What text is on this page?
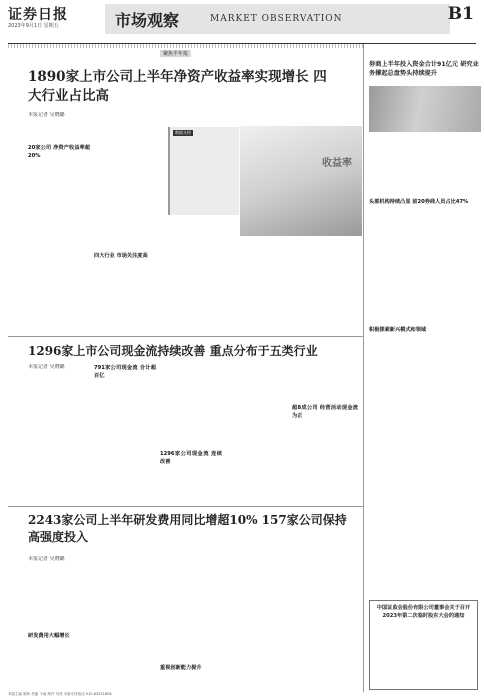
证券日报
2023年9月1日 星期五	市场观察	MARKET OBSERVATION	B1
聚焦半年报
1890家上市公司上半年净资产收益率实现增长 四大行业占比高
本报记者 吴晓璐
20家公司 净资产收益率超20%
四大行业 市场关注度高
数据支持
收益率
1296家上市公司现金流持续改善 重点分布于五类行业
本报记者 吴晓璐	791家公司现金流 合计超百亿
1296家公司现金流 连续改善
超8成公司 经营活动现金流为正
2243家公司上半年研发费用同比增超10% 157家公司保持高强度投入
本报记者 吴晓璐
研发费用大幅增长
重视创新能力提升
券商上半年投入资金合计91亿元 研究业务撑起总盘势头持续提升
头部机构持续凸显 前20券商人员占比47%
积极探索新兴模式和领域
中国证监会股份有限公司董事会关于召开2023年第二次临时股东大会的通知
本版主编 陈炜 责编 于南 制作 闫亮 本版专线电话 010-83251808
